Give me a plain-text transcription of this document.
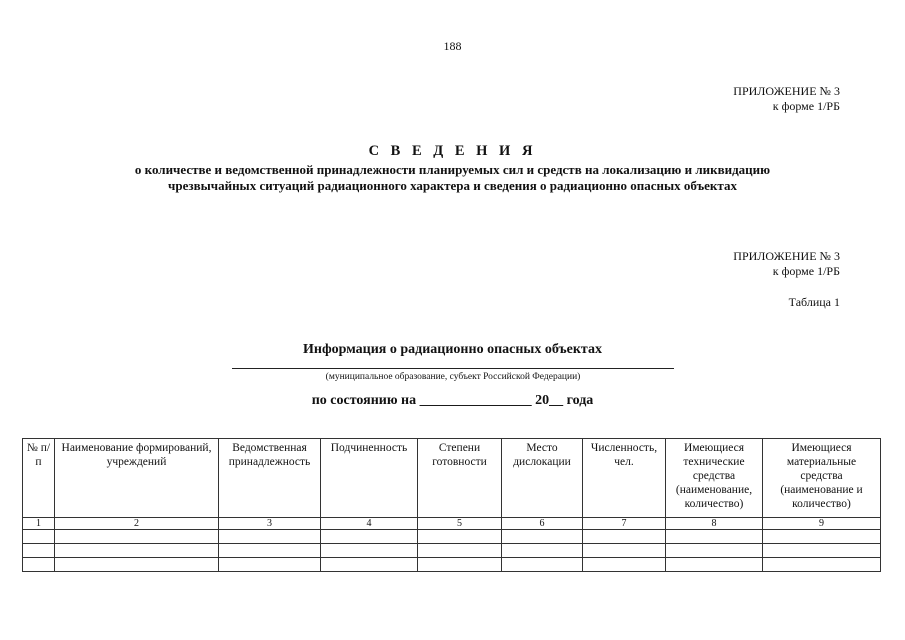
188
ПРИЛОЖЕНИЕ № 3
к форме 1/РБ
С В Е Д Е Н И Я
о количестве и ведомственной принадлежности планируемых сил и средств на локализацию и ликвидацию
чрезвычайных ситуаций радиационного характера и сведения о радиационно опасных объектах
ПРИЛОЖЕНИЕ № 3
к форме 1/РБ
Таблица 1
Информация о радиационно опасных объектах
(муниципальное образование, субъект Российской Федерации)
по состоянию на ________________ 20__ года
№ п/п	Наименование формирований, учреждений	Ведомственная принадлежность	Подчиненность	Степени готовности	Место дислокации	Численность, чел.	Имеющиеся технические средства (наименование, количество)	Имеющиеся материальные средства (наименование и количество)
1	2	3	4	5	6	7	8	9
